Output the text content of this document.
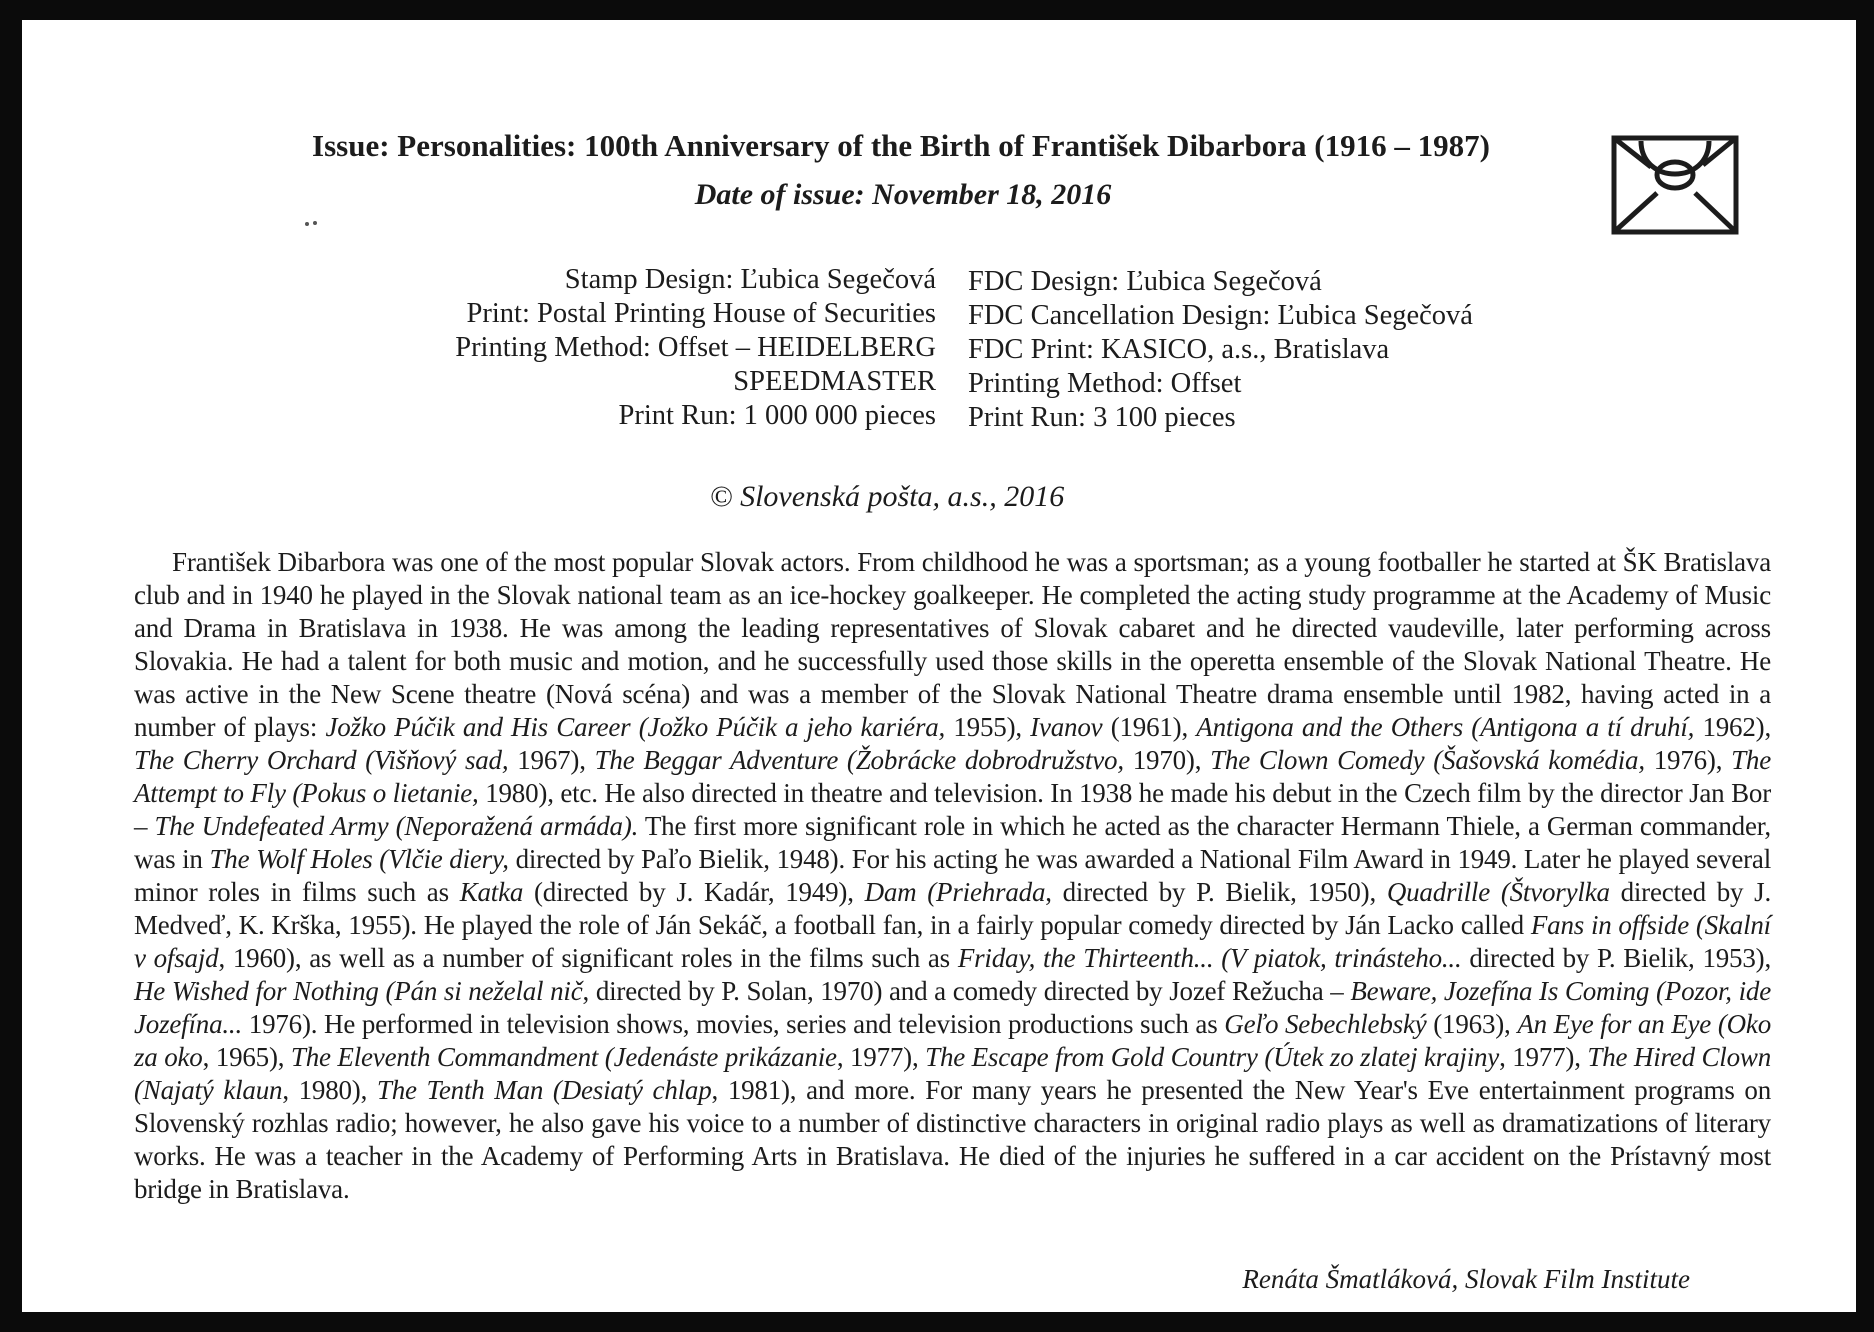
Issue: Personalities: 100th Anniversary of the Birth of František Dibarbora (1916 – 1987)
Date of issue: November 18, 2016
Stamp Design: Ľubica Segečová
Print: Postal Printing House of Securities
Printing Method: Offset – HEIDELBERG
SPEEDMASTER
Print Run: 1 000 000 pieces
FDC Design: Ľubica Segečová
FDC Cancellation Design: Ľubica Segečová
FDC Print: KASICO, a.s., Bratislava
Printing Method: Offset
Print Run: 3 100 pieces
© Slovenská pošta, a.s., 2016
František Dibarbora was one of the most popular Slovak actors. From childhood he was a sportsman; as a young footballer he started at ŠK Bratislava club and in 1940 he played in the Slovak national team as an ice-hockey goalkeeper. He completed the acting study programme at the Academy of Music and Drama in Bratislava in 1938. He was among the leading representatives of Slovak cabaret and he directed vaudeville, later performing across Slovakia. He had a talent for both music and motion, and he successfully used those skills in the operetta ensemble of the Slovak National Theatre. He was active in the New Scene theatre (Nová scéna) and was a member of the Slovak National Theatre drama ensemble until 1982, having acted in a number of plays: Jožko Púčik and His Career (Jožko Púčik a jeho kariéra, 1955), Ivanov (1961), Antigona and the Others (Antigona a tí druhí, 1962), The Cherry Orchard (Višňový sad, 1967), The Beggar Adventure (Žobrácke dobrodružstvo, 1970), The Clown Comedy (Šašovská komédia, 1976), The Attempt to Fly (Pokus o lietanie, 1980), etc. He also directed in theatre and television. In 1938 he made his debut in the Czech film by the director Jan Bor – The Undefeated Army (Neporažená armáda). The first more significant role in which he acted as the character Hermann Thiele, a German commander, was in The Wolf Holes (Vlčie diery, directed by Paľo Bielik, 1948). For his acting he was awarded a National Film Award in 1949. Later he played several minor roles in films such as Katka (directed by J. Kadár, 1949), Dam (Priehrada, directed by P. Bielik, 1950), Quadrille (Štvorylka directed by J. Medveď, K. Krška, 1955). He played the role of Ján Sekáč, a football fan, in a fairly popular comedy directed by Ján Lacko called Fans in offside (Skalní v ofsajd, 1960), as well as a number of significant roles in the films such as Friday, the Thirteenth... (V piatok, trinásteho... directed by P. Bielik, 1953), He Wished for Nothing (Pán si neželal nič, directed by P. Solan, 1970) and a comedy directed by Jozef Režucha – Beware, Jozefína Is Coming (Pozor, ide Jozefína... 1976). He performed in television shows, movies, series and television productions such as Geľo Sebechlebský (1963), An Eye for an Eye (Oko za oko, 1965), The Eleventh Commandment (Jedenáste prikázanie, 1977), The Escape from Gold Country (Útek zo zlatej krajiny, 1977), The Hired Clown (Najatý klaun, 1980), The Tenth Man (Desiatý chlap, 1981), and more. For many years he presented the New Year's Eve entertainment programs on Slovenský rozhlas radio; however, he also gave his voice to a number of distinctive characters in original radio plays as well as dramatizations of literary works. He was a teacher in the Academy of Performing Arts in Bratislava. He died of the injuries he suffered in a car accident on the Prístavný most bridge in Bratislava.
Renáta Šmatláková, Slovak Film Institute
